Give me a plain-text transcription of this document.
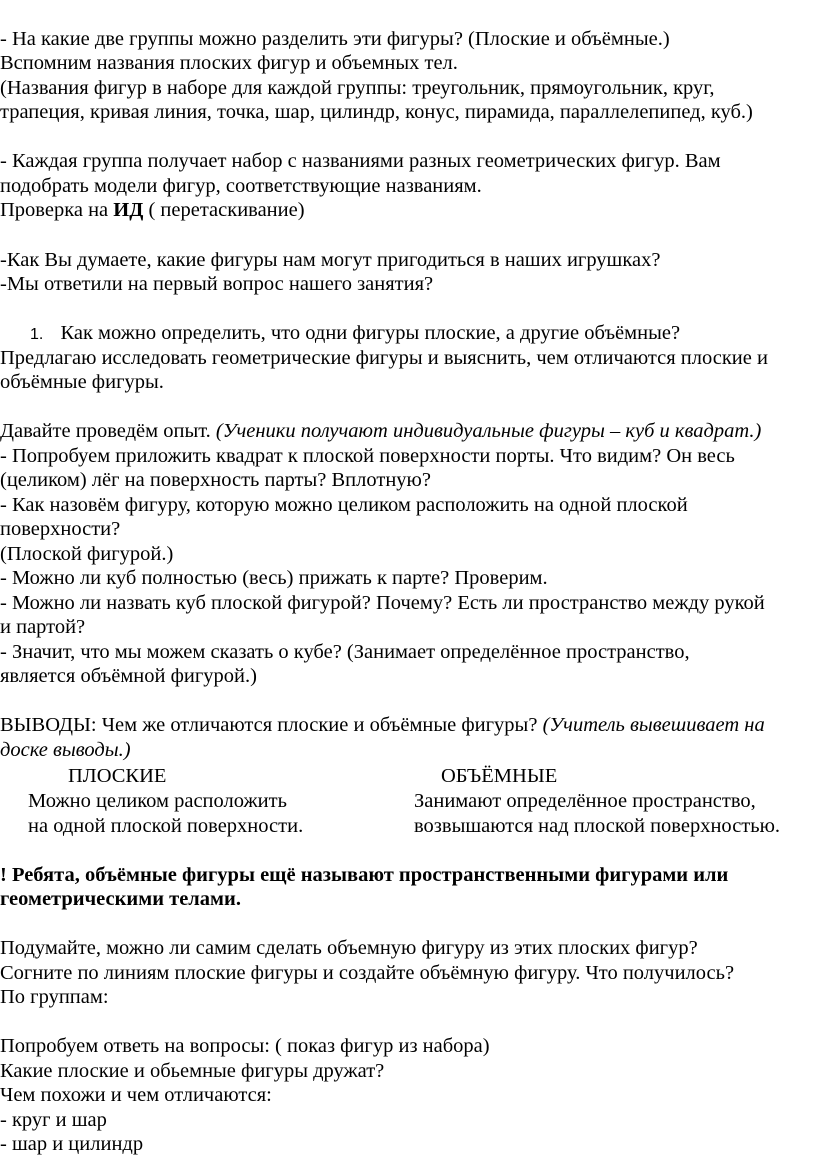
- На какие две группы можно разделить эти фигуры? (Плоские и объёмные.)
Вспомним названия плоских фигур и объемных тел.
(Названия фигур в наборе для каждой группы: треугольник, прямоугольник, круг,
трапеция, кривая линия, точка, шар, цилиндр, конус, пирамида, параллелепипед, куб.)
- Каждая группа получает набор с названиями разных геометрических фигур. Вам
подобрать модели фигур, соответствующие названиям.
Проверка на ИД ( перетаскивание)
-Как Вы думаете, какие фигуры нам могут пригодиться в наших игрушках?
-Мы ответили на первый вопрос нашего занятия?
1. Как можно определить, что одни фигуры плоские, а другие объёмные?
Предлагаю исследовать геометрические фигуры и выяснить, чем отличаются плоские и
объёмные фигуры.
Давайте проведём опыт. (Ученики получают индивидуальные фигуры – куб и квадрат.)
- Попробуем приложить квадрат к плоской поверхности порты. Что видим? Он весь
(целиком) лёг на поверхность парты? Вплотную?
- Как назовём фигуру, которую можно целиком расположить на одной плоской
поверхности?
(Плоской фигурой.)
- Можно ли куб полностью (весь) прижать к парте? Проверим.
- Можно ли назвать куб плоской фигурой? Почему? Есть ли пространство между рукой
и партой?
- Значит, что мы можем сказать о кубе? (Занимает определённое пространство,
является объёмной фигурой.)
ВЫВОДЫ: Чем же отличаются плоские и объёмные фигуры? (Учитель вывешивает на
доске выводы.)
ПЛОСКИЕ	ОБЪЁМНЫЕ
Можно целиком расположить	Занимают определённое пространство,
на одной плоской поверхности.	возвышаются над плоской поверхностью.
! Ребята, объёмные фигуры ещё называют пространственными фигурами или
геометрическими телами.
Подумайте, можно ли самим сделать объемную фигуру из этих плоских фигур?
Согните по линиям плоские фигуры и создайте объёмную фигуру. Что получилось?
По группам:
Попробуем ответь на вопросы: ( показ фигур из набора)
Какие плоские и обьемные фигуры дружат?
Чем похожи и чем отличаются:
- круг и шар
- шар и цилиндр
